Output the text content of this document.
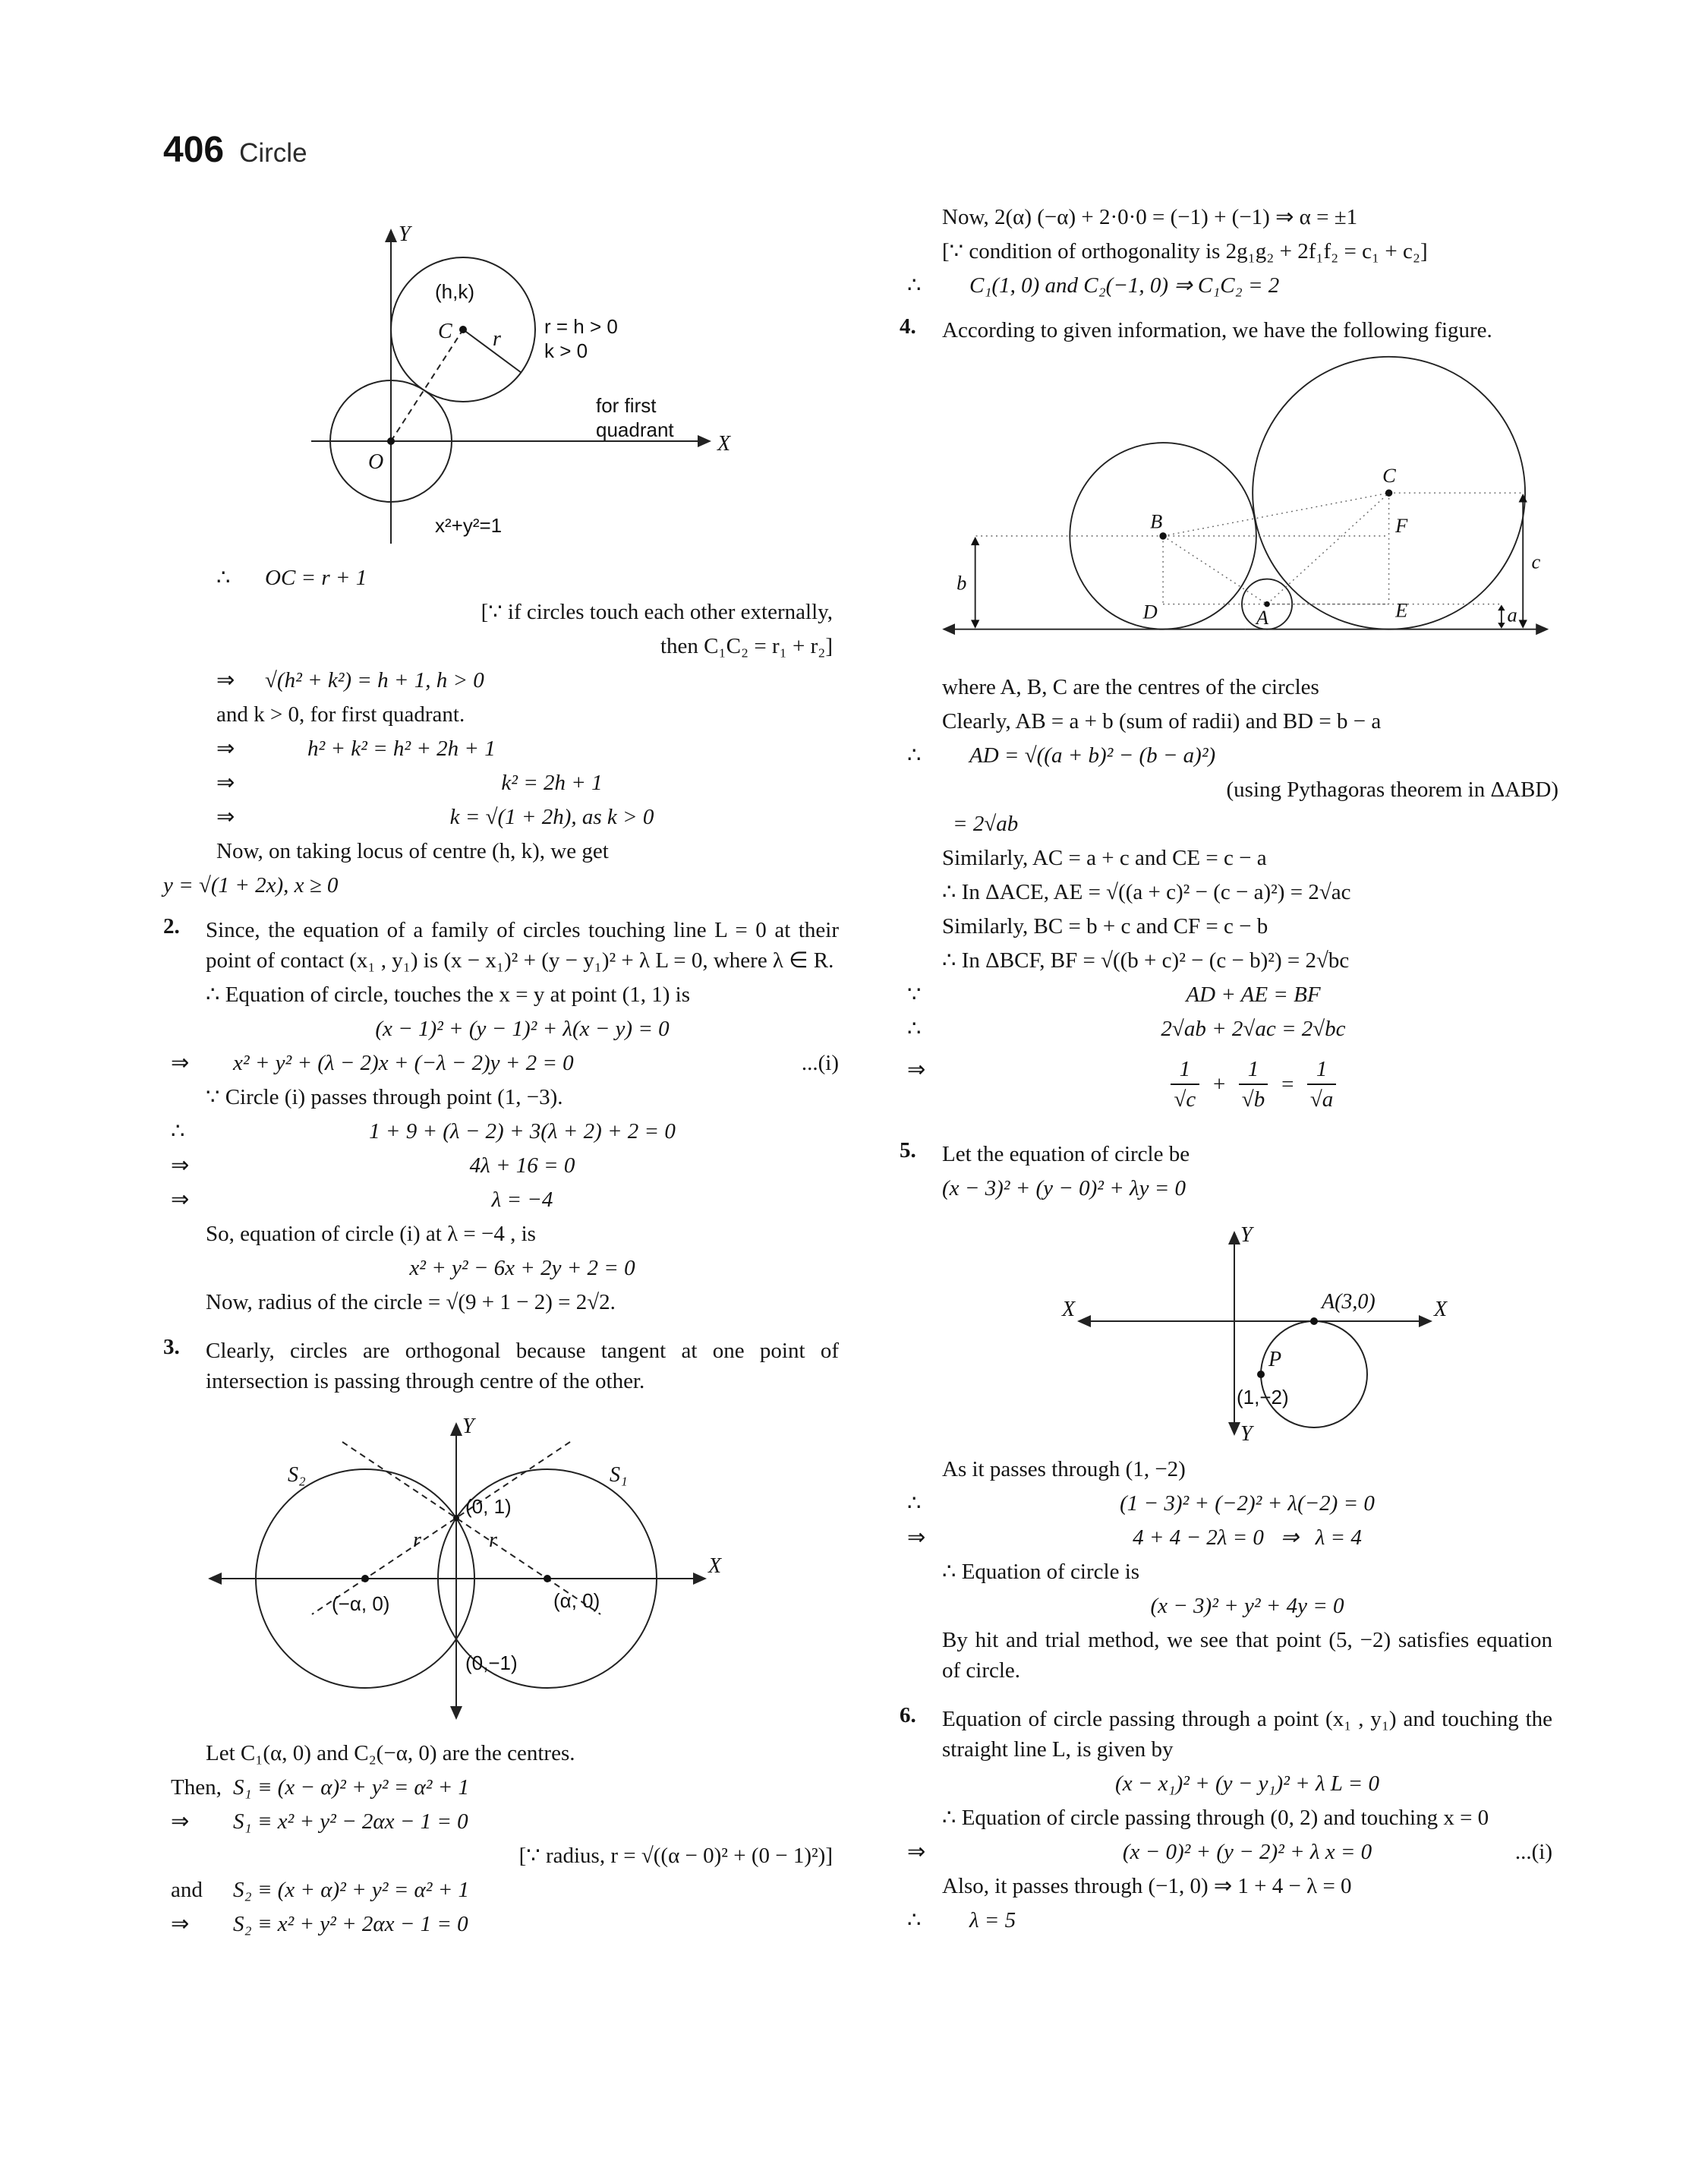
406 Circle
Y
X
(h,k)
C r
r = h > 0
k > 0
for first
quadrant
O
x²+y²=1
∴ OC = r + 1
[∵ if circles touch each other externally,
then C₁C₂ = r₁ + r₂]
⇒ √(h² + k²) = h + 1, h > 0
and k > 0, for first quadrant.
⇒	h² + k² = h² + 2h + 1
⇒	k² = 2h + 1
⇒	k = √(1 + 2h), as k > 0
Now, on taking locus of centre (h, k), we get
y = √(1 + 2x), x ≥ 0
2.	Since, the equation of a family of circles touching line L = 0 at their point of contact (x₁ , y₁) is (x − x₁)² + (y − y₁)² + λ L = 0, where λ ∈ R.

∴ Equation of circle, touches the x = y at point (1, 1) is

(x − 1)² + (y − 1)² + λ(x − y) = 0
⇒	x² + y² + (λ − 2)x + (−λ − 2)y + 2 = 0	...(i)

∵ Circle (i) passes through point (1, −3).

∴	1 + 9 + (λ − 2) + 3(λ + 2) + 2 = 0
⇒	4λ + 16 = 0
⇒	λ = −4

So, equation of circle (i) at λ = −4 , is

x² + y² − 6x + 2y + 2 = 0

Now, radius of the circle = √(9 + 1 − 2) = 2√2.

3.	Clearly, circles are orthogonal because tangent at one point of intersection is passing through centre of the other.

S₂	S₁
Y
X
(0, 1)
r	r
(−α, 0)	(α, 0)
(0,−1)

Let C₁(α, 0) and C₂(−α, 0) are the centres.

Then, S₁ ≡ (x − α)² + y² = α² + 1
⇒	S₁ ≡ x² + y² − 2αx − 1 = 0
[∵ radius, r = √((α − 0)² + (0 − 1)²)]
and	S₂ ≡ (x + α)² + y² = α² + 1
⇒	S₂ ≡ x² + y² + 2αx − 1 = 0
Now, 2(α) (−α) + 2·0·0 = (−1) + (−1) ⇒ α = ±1
[∵ condition of orthogonality is 2g₁g₂ + 2f₁f₂ = c₁ + c₂]
∴	C₁(1, 0) and C₂(−1, 0) ⇒ C₁C₂ = 2
4.	According to given information, we have the following figure.

B
C
D	A	E
F
b
c
a

where A, B, C are the centres of the circles

Clearly, AB = a + b (sum of radii) and BD = b − a

∴	AD = √((a + b)² − (b − a)²)
(using Pythagoras theorem in ΔABD)
= 2√ab

Similarly, AC = a + c and CE = c − a

∴ In ΔACE, AE = √((a + c)² − (c − a)²) = 2√ac

Similarly, BC = b + c and CF = c − b

∴ In ΔBCF, BF = √((b + c)² − (c − b)²) = 2√bc

∵	AD + AE = BF
∴	2√ab + 2√ac = 2√bc
⇒	$\frac{1}{√c} + \frac{1}{√b} = \frac{1}{√a}$
5.	Let the equation of circle be

(x − 3)² + (y − 0)² + λy = 0
Y
Y
X	X
A(3,0)
P
(1,−2)

As it passes through (1, −2)

∴	(1 − 3)² + (−2)² + λ(−2) = 0
⇒	4 + 4 − 2λ = 0   ⇒   λ = 4

∴ Equation of circle is

(x − 3)² + y² + 4y = 0

By hit and trial method, we see that point (5, −2) satisfies equation of circle.

6.	Equation of circle passing through a point (x₁ , y₁) and touching the straight line L, is given by

(x − x₁)² + (y − y₁)² + λ L = 0

∴ Equation of circle passing through (0, 2) and touching x = 0

⇒	(x − 0)² + (y − 2)² + λ x = 0	...(i)

Also, it passes through (−1, 0) ⇒ 1 + 4 − λ = 0

∴	λ = 5
